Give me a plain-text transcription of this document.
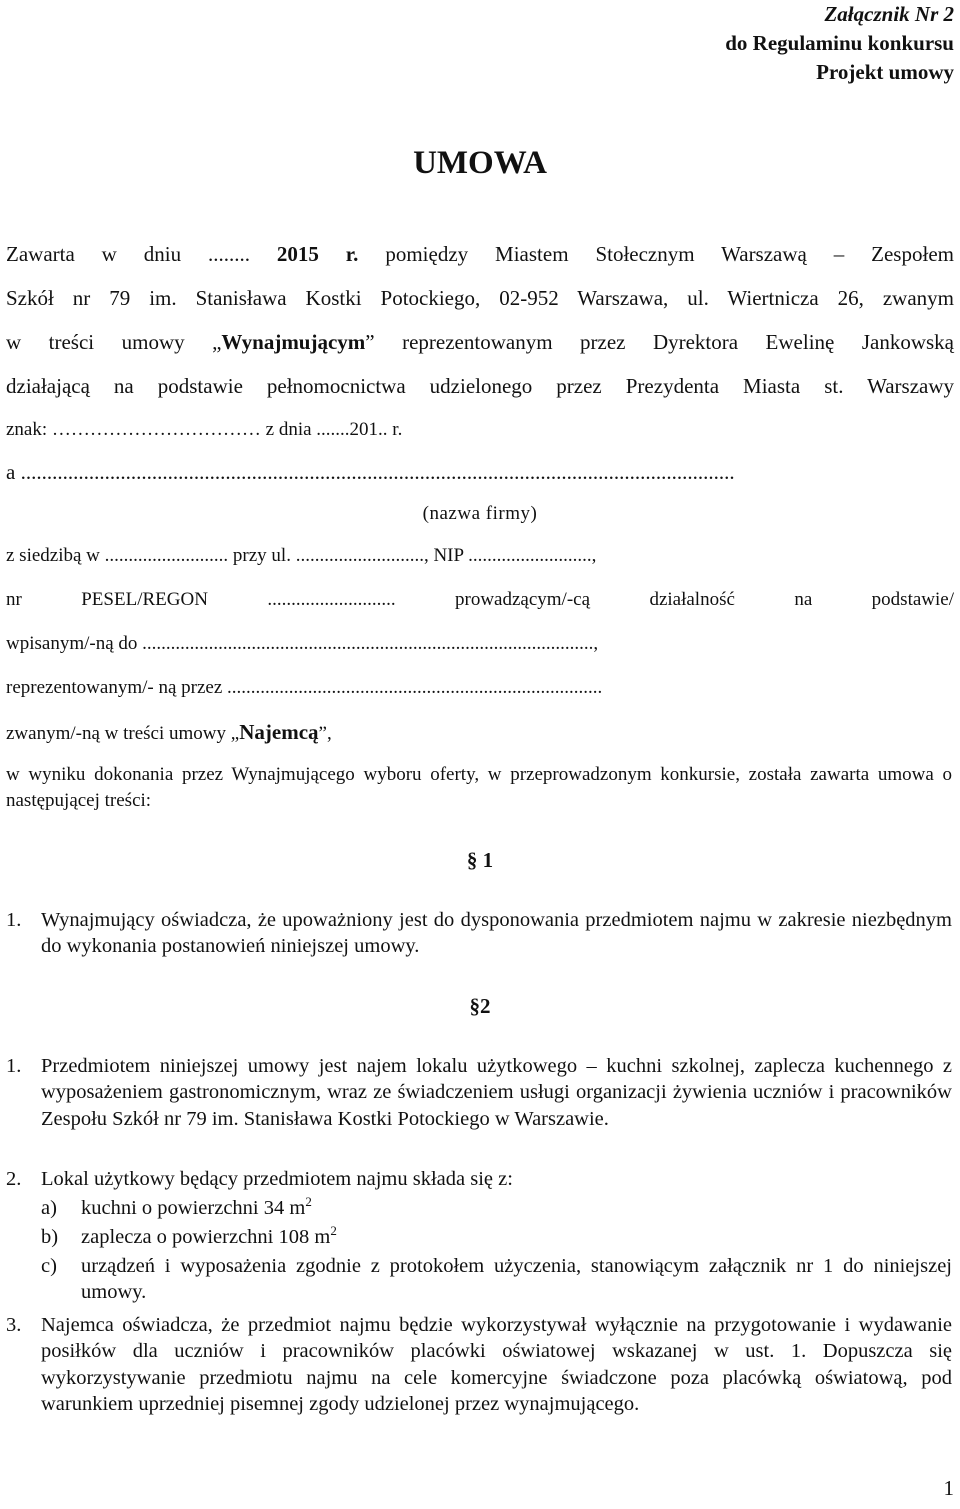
Załącznik Nr 2
do Regulaminu konkursu
Projekt umowy
UMOWA
Zawarta w dniu ........ 2015 r. pomiędzy Miastem Stołecznym Warszawą – Zespołem
Szkół nr 79 im. Stanisława Kostki Potockiego, 02-952 Warszawa, ul. Wiertnicza 26, zwanym
w treści umowy „Wynajmującym” reprezentowanym przez Dyrektora Ewelinę Jankowską
działającą na podstawie pełnomocnictwa udzielonego przez Prezydenta Miasta st. Warszawy
znak: …………………………… z dnia .......201.. r.
a ........................................................................................................................................
(nazwa firmy)
z siedzibą w .......................... przy ul. ..........................., NIP ..........................,
nr PESEL/REGON ........................... prowadzącym/-cą działalność na podstawie/
wpisanym/-ną do ...............................................................................................,
reprezentowanym/- ną przez ...............................................................................
zwanym/-ną w treści umowy „Najemcą”,
w wyniku dokonania przez Wynajmującego wyboru oferty, w przeprowadzonym konkursie, została zawarta umowa o następującej treści:
§ 1
1. Wynajmujący oświadcza, że upoważniony jest do dysponowania przedmiotem najmu w zakresie niezbędnym do wykonania postanowień niniejszej umowy.
§2
1. Przedmiotem niniejszej umowy jest najem lokalu użytkowego – kuchni szkolnej, zaplecza kuchennego z wyposażeniem gastronomicznym, wraz ze świadczeniem usługi organizacji żywienia uczniów i pracowników Zespołu Szkół nr 79 im. Stanisława Kostki Potockiego w Warszawie.
2. Lokal użytkowy będący przedmiotem najmu składa się z:
a) kuchni o powierzchni 34 $m^2$
b) zaplecza o powierzchni 108 $m^2$
c) urządzeń i wyposażenia zgodnie z protokołem użyczenia, stanowiącym załącznik nr 1 do niniejszej umowy.
3. Najemca oświadcza, że przedmiot najmu będzie wykorzystywał wyłącznie na przygotowanie i wydawanie posiłków dla uczniów i pracowników placówki oświatowej wskazanej w ust. 1. Dopuszcza się wykorzystywanie przedmiotu najmu na cele komercyjne świadczone poza placówką oświatową, pod warunkiem uprzedniej pisemnej zgody udzielonej przez wynajmującego.
1
